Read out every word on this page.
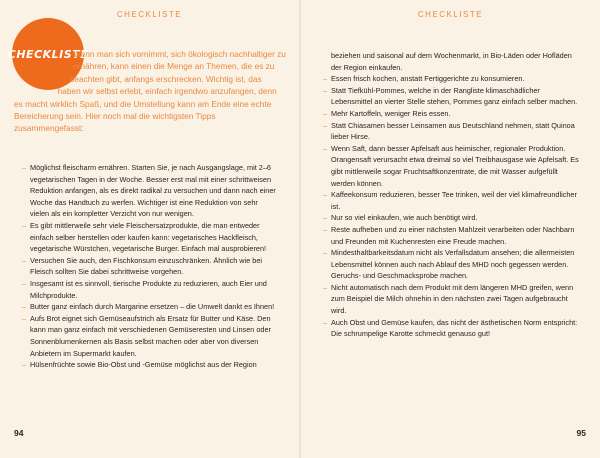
CHECKLISTE
CHECKLISTE
Wenn man sich vornimmt, sich ökologisch nachhaltiger zu ernähren, kann einen die Menge an Themen, die es zu beachten gibt, anfangs erschrecken. Wichtig ist, das haben wir selbst erlebt, einfach irgendwo anzufangen, denn es macht wirklich Spaß, und die Umstellung kann am Ende eine echte Bereicherung sein. Hier noch mal die wichtigsten Tipps zusammengefasst:
– Möglichst fleischarm ernähren. Starten Sie, je nach Ausgangslage, mit 2–6 vegetarischen Tagen in der Woche. Besser erst mal mit einer schrittweisen Reduktion anfangen, als es direkt radikal zu versuchen und dann nach einer Woche das Handtuch zu werfen. Wichtiger ist eine Reduktion von sehr vielen als ein kompletter Verzicht von nur wenigen.
– Es gibt mittlerweile sehr viele Fleischersatzprodukte, die man entweder einfach selber herstellen oder kaufen kann: vegetarisches Hackfleisch, vegetarische Würstchen, vegetarische Burger. Einfach mal ausprobieren!
– Versuchen Sie auch, den Fischkonsum einzuschränken. Ähnlich wie bei Fleisch sollten Sie dabei schrittweise vorgehen.
– Insgesamt ist es sinnvoll, tierische Produkte zu reduzieren, auch Eier und Milchprodukte.
– Butter ganz einfach durch Margarine ersetzen – die Umwelt dankt es Ihnen!
– Aufs Brot eignet sich Gemüseaufstrich als Ersatz für Butter und Käse. Den kann man ganz einfach mit verschiedenen Gemüseresten und Linsen oder Sonnenblumenkernen als Basis selbst machen oder aber von diversen Anbietern im Supermarkt kaufen.
– Hülsenfrüchte sowie Bio-Obst und -Gemüse möglichst aus der Region
94
CHECKLISTE
beziehen und saisonal auf dem Wochenmarkt, in Bio-Läden oder Hofläden der Region einkaufen.
– Essen frisch kochen, anstatt Fertiggerichte zu konsumieren.
– Statt Tiefkühl-Pommes, welche in der Rangliste klimaschädlicher Lebensmittel an vierter Stelle stehen, Pommes ganz einfach selber machen.
– Mehr Kartoffeln, weniger Reis essen.
– Statt Chiasamen besser Leinsamen aus Deutschland nehmen, statt Quinoa lieber Hirse.
– Wenn Saft, dann besser Apfelsaft aus heimischer, regionaler Produktion. Orangensaft verursacht etwa dreimal so viel Treibhausgase wie Apfelsaft. Es gibt mittlerweile sogar Fruchtsaftkonzentrate, die mit Wasser aufgefüllt werden können.
– Kaffeekonsum reduzieren, besser Tee trinken, weil der viel klimafreundlicher ist.
– Nur so viel einkaufen, wie auch benötigt wird.
– Reste aufheben und zu einer nächsten Mahlzeit verarbeiten oder Nachbarn und Freunden mit Kuchenresten eine Freude machen.
– Mindesthaltbarkeitsdatum nicht als Verfallsdatum ansehen; die allermeisten Lebensmittel können auch nach Ablauf des MHD noch gegessen werden. Geruchs- und Geschmacksprobe machen.
– Nicht automatisch nach dem Produkt mit dem längeren MHD greifen, wenn zum Beispiel die Milch ohnehin in den nächsten zwei Tagen aufgebraucht wird.
– Auch Obst und Gemüse kaufen, das nicht der ästhetischen Norm entspricht: Die schrumpelige Karotte schmeckt genauso gut!
95
